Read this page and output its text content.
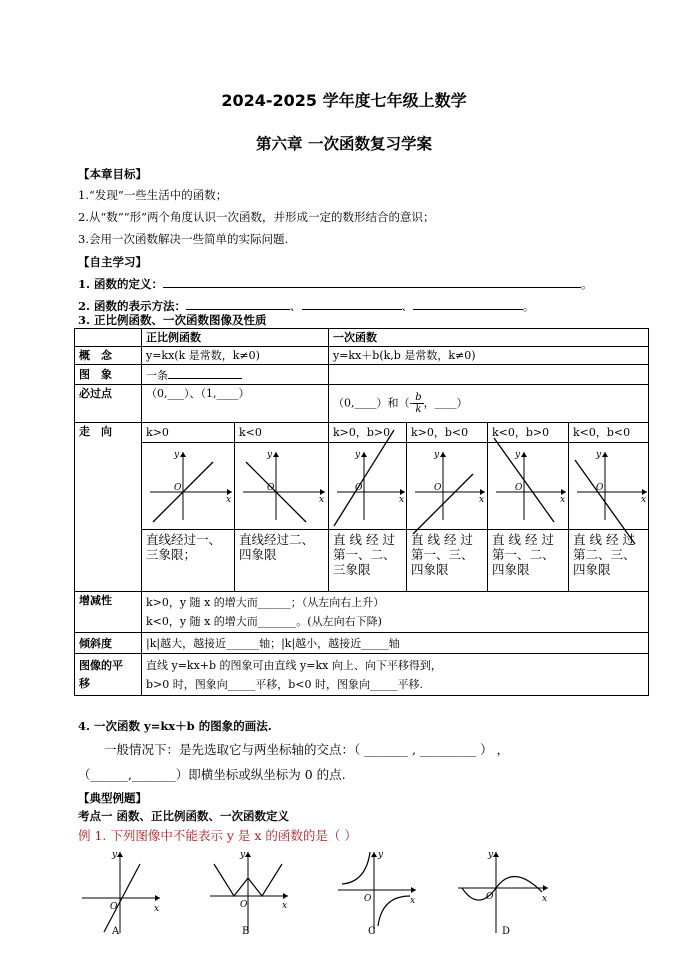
2024-2025 学年度七年级上数学
第六章 一次函数复习学案
【本章目标】
1.“发现”一些生活中的函数；
2.从“数”“形”两个角度认识一次函数，并形成一定的数形结合的意识；
3.会用一次函数解决一些简单的实际问题.
【自主学习】
1. 函数的定义：	。
2. 函数的表示方法：	、	、	。
3. 正比例函数、一次函数图像及性质
	正比例函数		一次函数			
概　念	y=kx(k 是常数，k≠0)		y=kx＋b(k,b 是常数，k≠0)			
图　象	一条					
必过点	（0,___）、（1,____）		（0,____）和（- $\frac{b}{k}$ ，____）			
走　向	k>0	k<0	k>0，b>0	k>0，b<0	k<0，b>0	k<0，b<0

x
y
O	x
y
O	x
y
O	x
y
O	x
y
O	x
y
O

	直线经过一、三象限；	直线经过二、四象限	直 线 经 过 第一、二、三象限	直 线 经 过 第一、三、四象限	直 线 经 过 第一、二、四象限	直 线 经 过 第二、三、四象限
增减性	k>0，y 随 x 的增大而______；（从左向右上升）
k<0，y 随 x 的增大而_______。(从左向右下降)					

倾斜度	|k|越大，越接近______轴；|k|越小，越接近_____轴					
图像的平　移	直线 y=kx+b 的图象可由直线 y=kx 向上、向下平移得到，
b>0 时，图象向_____平移，b<0 时，图象向_____平移.					
4. 一次函数 y=kx＋b 的图象的画法.
一般情况下：是先选取它与两坐标轴的交点：（ _______ , _________ ） ，
（______,_______）即横坐标或纵坐标为 0 的点.
【典型例题】
考点一 函数、正比例函数、一次函数定义
例 1. 下列图像中不能表示 y 是 x 的函数的是（ ）
x
y
O
A
x
y
O
B
x
y
O
C
x
y
O
D
